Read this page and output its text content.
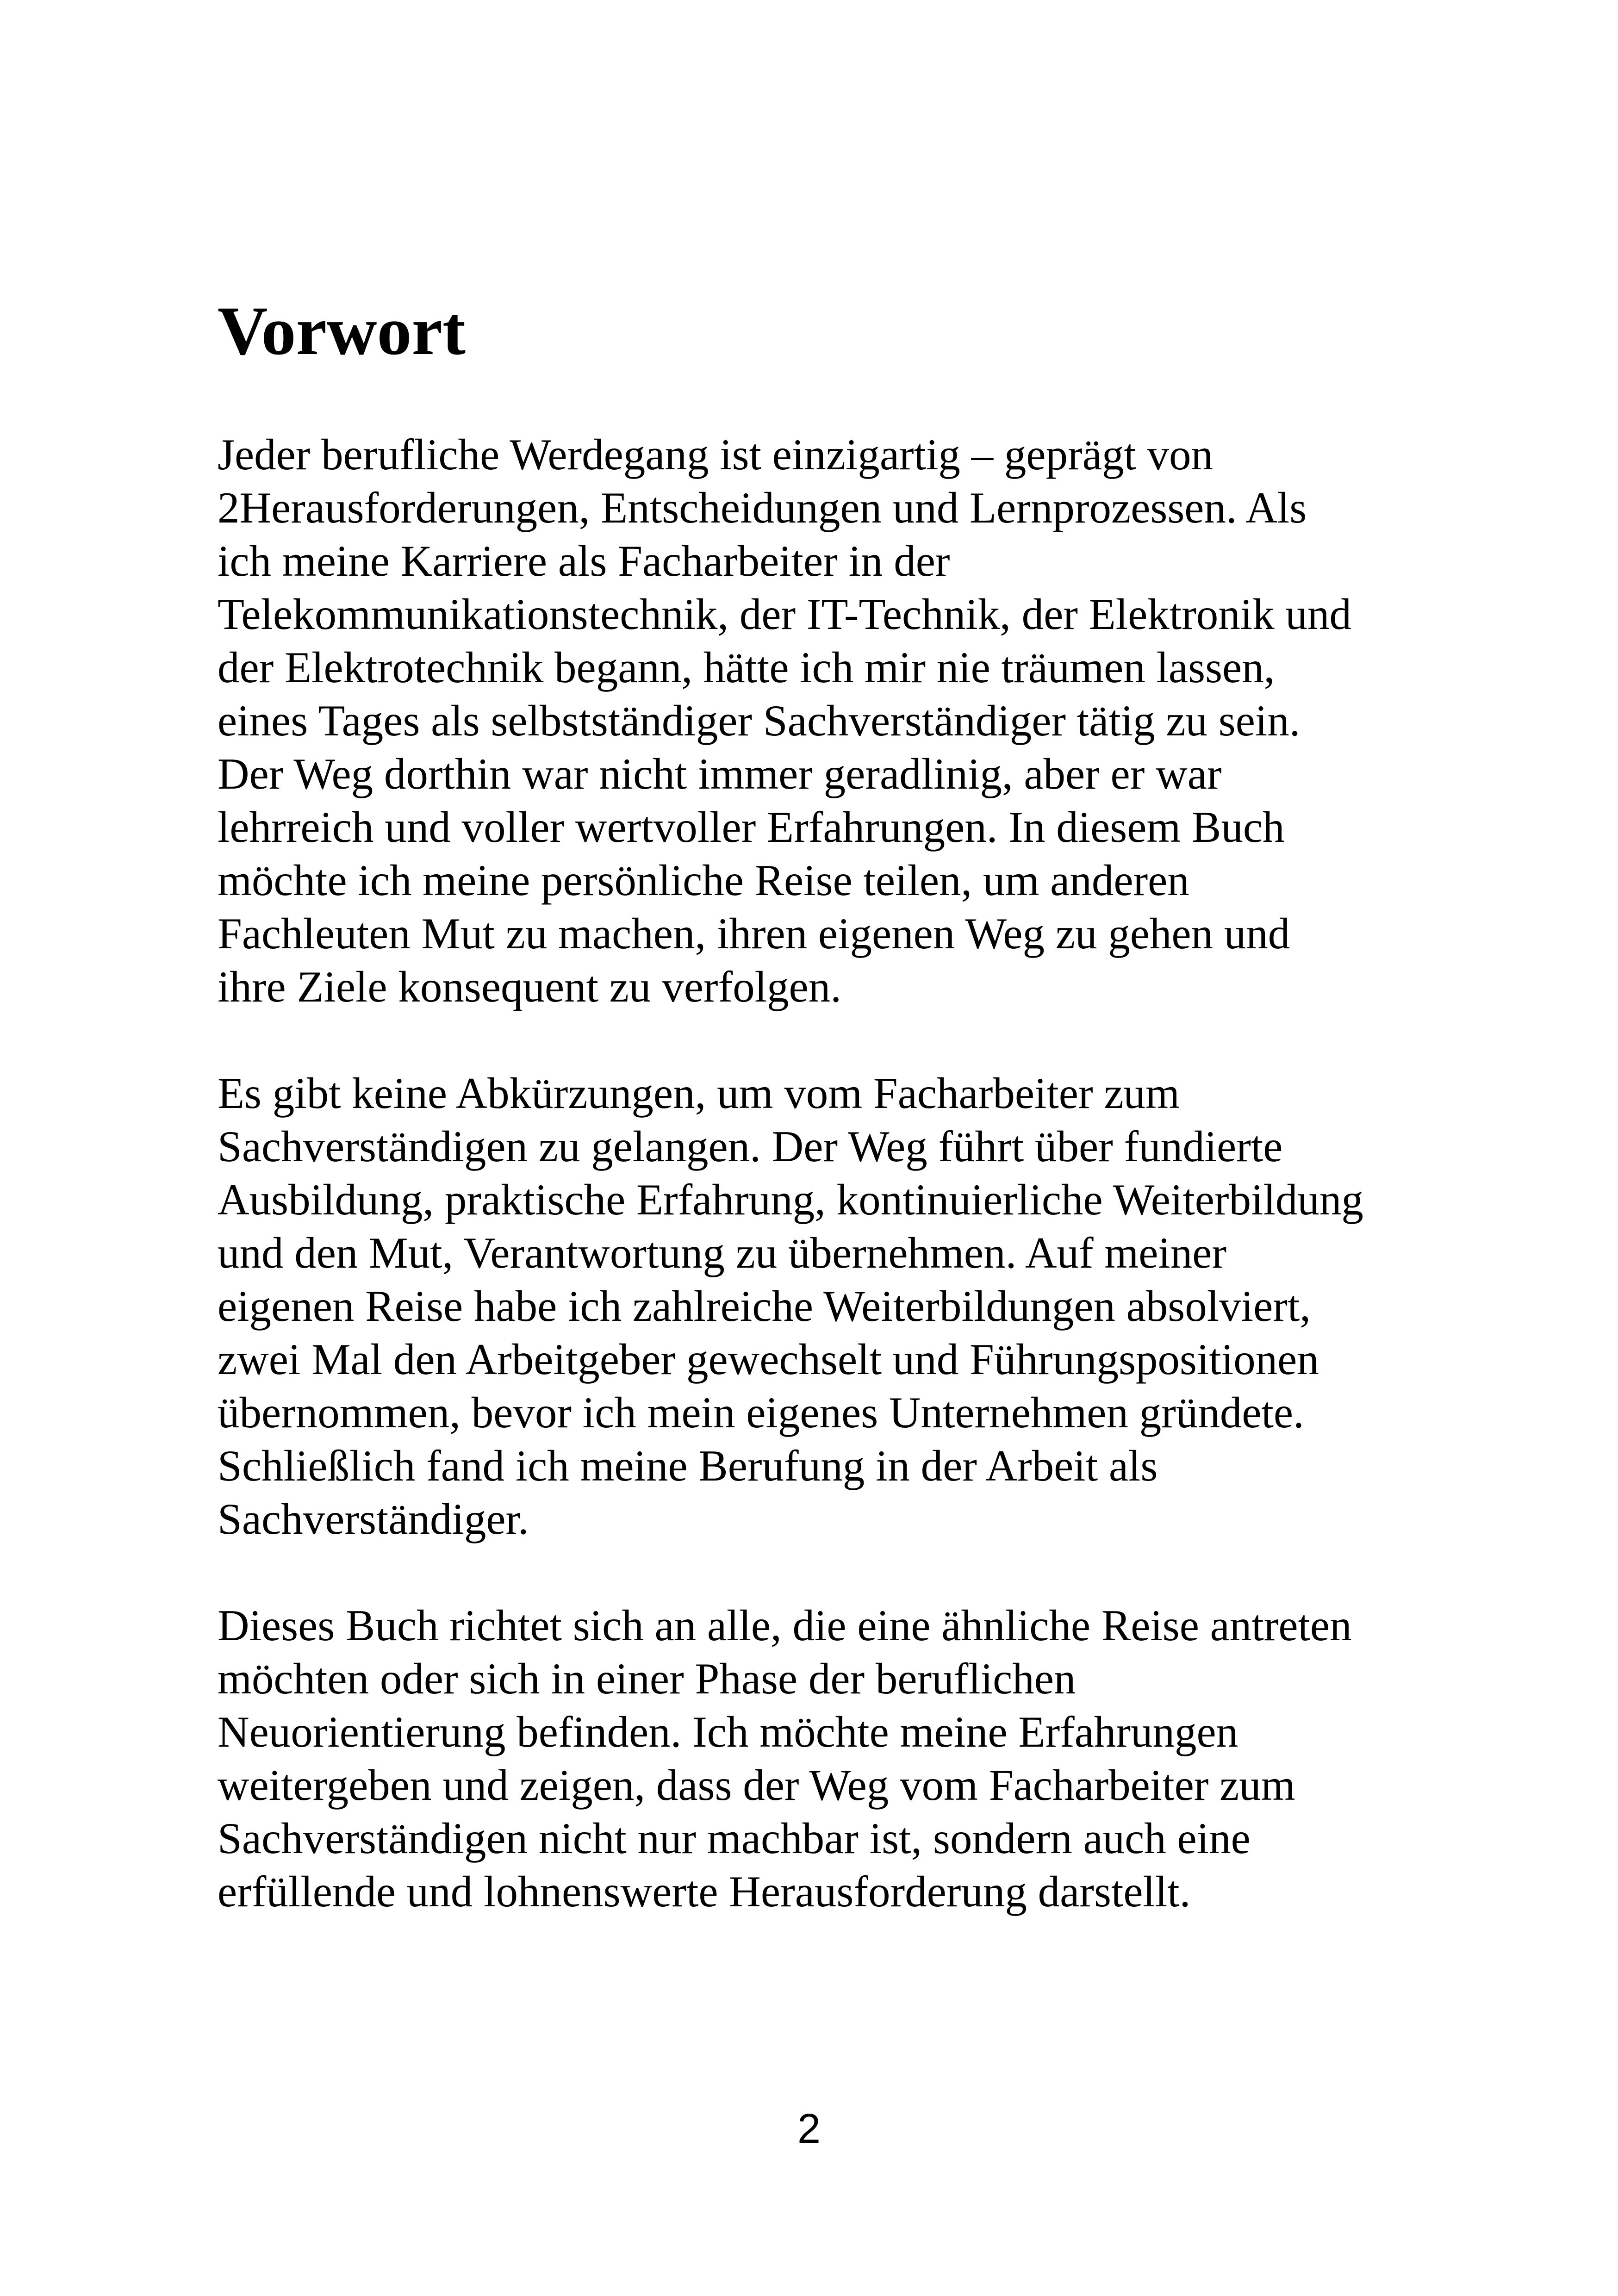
Vorwort

Jeder berufliche Werdegang ist einzigartig – geprägt von
2Herausforderungen, Entscheidungen und Lernprozessen. Als
ich meine Karriere als Facharbeiter in der
Telekommunikationstechnik, der IT-Technik, der Elektronik und
der Elektrotechnik begann, hätte ich mir nie träumen lassen,
eines Tages als selbstständiger Sachverständiger tätig zu sein.
Der Weg dorthin war nicht immer geradlinig, aber er war
lehrreich und voller wertvoller Erfahrungen. In diesem Buch
möchte ich meine persönliche Reise teilen, um anderen
Fachleuten Mut zu machen, ihren eigenen Weg zu gehen und
ihre Ziele konsequent zu verfolgen.

Es gibt keine Abkürzungen, um vom Facharbeiter zum
Sachverständigen zu gelangen. Der Weg führt über fundierte
Ausbildung, praktische Erfahrung, kontinuierliche Weiterbildung
und den Mut, Verantwortung zu übernehmen. Auf meiner
eigenen Reise habe ich zahlreiche Weiterbildungen absolviert,
zwei Mal den Arbeitgeber gewechselt und Führungspositionen
übernommen, bevor ich mein eigenes Unternehmen gründete.
Schließlich fand ich meine Berufung in der Arbeit als
Sachverständiger.

Dieses Buch richtet sich an alle, die eine ähnliche Reise antreten
möchten oder sich in einer Phase der beruflichen
Neuorientierung befinden. Ich möchte meine Erfahrungen
weitergeben und zeigen, dass der Weg vom Facharbeiter zum
Sachverständigen nicht nur machbar ist, sondern auch eine
erfüllende und lohnenswerte Herausforderung darstellt.

2
